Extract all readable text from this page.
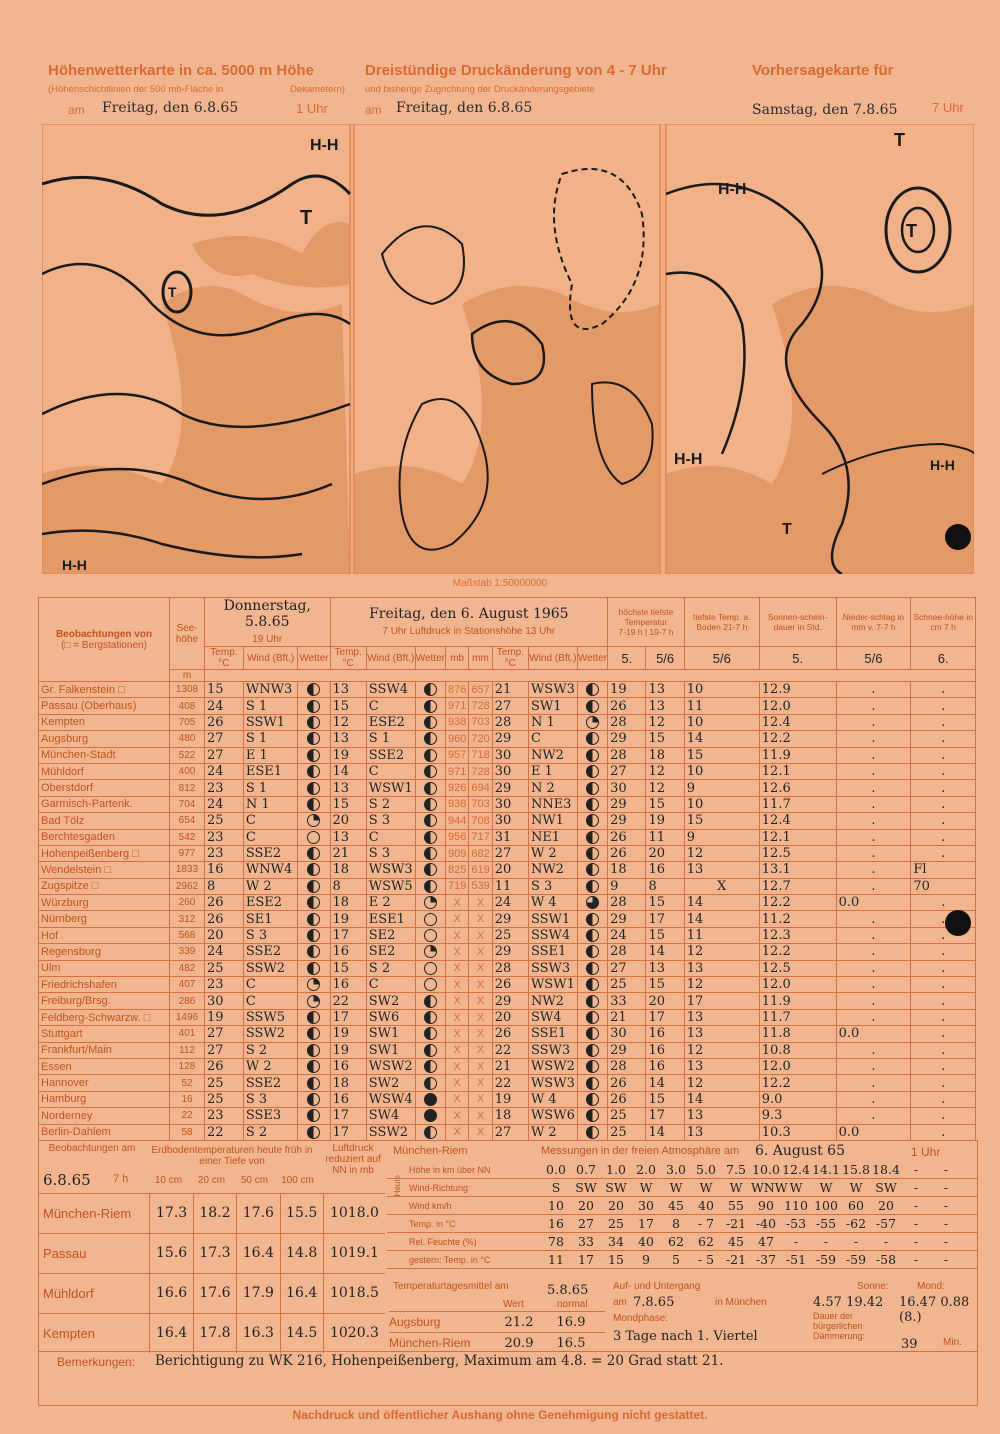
Höhenwetterkarte in ca. 5000 m Höhe
(Höhenschichtlinien der 500 mb-Fläche in	Dekametern)
am Freitag, den 6.8.65	1 Uhr
Dreistündige Druckänderung von 4 - 7 Uhr
und bisherige Zugrichtung der Druckänderungsgebiete
am Freitag, den 6.8.65
Vorhersagekarte für
Samstag, den 7.8.65	7 Uhr
T
T
H-H
H-H
T
T
T
H-H
H-H	H-H
Maßstab 1:50000000
Beobachtungen von
(□ = Bergstationen)	See-höhe	Donnerstag, 5.8.65
19 Uhr			Freitag, den 6. August 1965
7 Uhr Luftdruck in Stationshöhe 13 Uhr								höchste tiefste Temperatur
7-19 h | 19-7 h		tiefste Temp. a. Boden 21-7 h	Sonnen-schein-dauer in Std.	Nieder-schlag in mm v. 7-7 h	Schnee-höhe in cm 7 h
		Temp. °C	Wind (Bft.)	Wetter	Temp. °C	Wind (Bft.)	Wetter	mb	mm	Temp. °C	Wind (Bft.)	Wetter	5.	5/6	5/6	5.	5/6	6.
	m																	
Gr. Falkenstein □	1308	15	WNW3		13	SSW4		876	657	21	WSW3		19	13	10	12.9	.	.
Passau (Oberhaus)	408	24	S 1		15	C		971	728	27	SW1		26	13	11	12.0	.	.
Kempten	705	26	SSW1		12	ESE2		938	703	28	N 1		28	12	10	12.4	.	.
Augsburg	480	27	S 1		13	S 1		960	720	29	C		29	15	14	12.2	.	.
München-Stadt	522	27	E 1		19	SSE2		957	718	30	NW2		28	18	15	11.9	.	.
Mühldorf	400	24	ESE1		14	C		971	728	30	E 1		27	12	10	12.1	.	.
Oberstdorf	812	23	S 1		13	WSW1		926	694	29	N 2		30	12	9	12.6	.	.
Garmisch-Partenk.	704	24	N 1		15	S 2		938	703	30	NNE3		29	15	10	11.7	.	.
Bad Tölz	654	25	C		20	S 3		944	708	30	NW1		29	19	15	12.4	.	.
Berchtesgaden	542	23	C		13	C		956	717	31	NE1		26	11	9	12.1	.	.
Hohenpeißenberg □	977	23	SSE2		21	S 3		909	682	27	W 2		26	20	12	12.5	.	.
Wendelstein □	1833	16	WNW4		18	WSW3		825	619	20	NW2		18	16	13	13.1	.	Fl
Zugspitze □	2962	8	W 2		8	WSW5		719	539	11	S 3		9	8	X	12.7	.	70
Würzburg	260	26	ESE2		18	E 2		X	X	24	W 4		28	15	14	12.2	0.0	.
Nürnberg	312	26	SE1		19	ESE1		X	X	29	SSW1		29	17	14	11.2	.	.
Hof	568	20	S 3		17	SE2		X	X	25	SSW4		24	15	11	12.3	.	.
Regensburg	339	24	SSE2		16	SE2		X	X	29	SSE1		28	14	12	12.2	.	.
Ulm	482	25	SSW2		15	S 2		X	X	28	SSW3		27	13	13	12.5	.	.
Friedrichshafen	407	23	C		16	C		X	X	26	WSW1		25	15	12	12.0	.	.
Freiburg/Brsg.	286	30	C		22	SW2		X	X	29	NW2		33	20	17	11.9	.	.
Feldberg-Schwarzw. □	1496	19	SSW5		17	SW6		X	X	20	SW4		21	17	13	11.7	.	.
Stuttgart	401	27	SSW2		19	SW1		X	X	26	SSE1		30	16	13	11.8	0.0	.
Frankfurt/Main	112	27	S 2		19	SW1		X	X	22	SSW3		29	16	12	10.8	.	.
Essen	128	26	W 2		16	WSW2		X	X	21	WSW2		28	16	13	12.0	.	.
Hannover	52	25	SSE2		18	SW2		X	X	22	WSW3		26	14	12	12.2	.	.
Hamburg	16	25	S 3		16	WSW4		X	X	19	W 4		26	15	14	9.0	.	.
Norderney	22	23	SSE3		17	SW4		X	X	18	WSW6		25	17	13	9.3	.	.
Berlin-Dahlem	58	22	S 2		17	SSW2		X	X	27	W 2		25	14	13	10.3	0.0	.
Beobachtungen am
6.8.65 7 h
Erdbodentemperaturen heute früh in einer Tiefe von
Luftdruck reduziert auf NN in mb
10 cm	20 cm	50 cm	100 cm
München-Riem	17.3 18.2 17.6 15.5 1018.0
Passau	15.6 17.3 16.4 14.8 1019.1
Mühldorf	16.6 17.6 17.9 16.4 1018.5
Kempten	16.4 17.8 16.3 14.5 1020.3
München-Riem	Messungen in der freien Atmosphäre am 6. August 65	1 Uhr
Heute
Höhe in km über NN	0.0 0.7 1.0 2.0 3.0 5.0 7.5 10.0 12.4 14.1 15.8 18.4	-	-
Wind-Richtung	S	SW SW	W	W	W	W WNW W	W	W	SW	-	-
Wind km/h	10	20	20	30	45	40	55	90 110 100 60	20	-	-
Temp. in °C	16	27	25	17	8	- 7 -21 -40 -53 -55 -62 -57	-	-
Rel. Feuchte (%)	78	33	34	40	62	62	45	47	-	-	-	-	-	-
gestern: Temp. in °C	11	17	15	9	5	- 5 -21 -37 -51 -59 -59 -58	-	-
Temperaturtagesmittel am	5.8.65
Wert	normal
Augsburg	21.2	16.9
München-Riem	20.9	16.5
Auf- und Untergang
am 7.8.65	in München
Sonne:	Mond:
4.57 19.42 16.47 0.88 (8.)
Mondphase:
3 Tage nach 1. Viertel
Dauer der bürgerlichen Dämmerung:
39	Min.
Bemerkungen: Berichtigung zu WK 216, Hohenpeißenberg, Maximum am 4.8. = 20 Grad statt 21.
Nachdruck und öffentlicher Aushang ohne Genehmigung nicht gestattet.
